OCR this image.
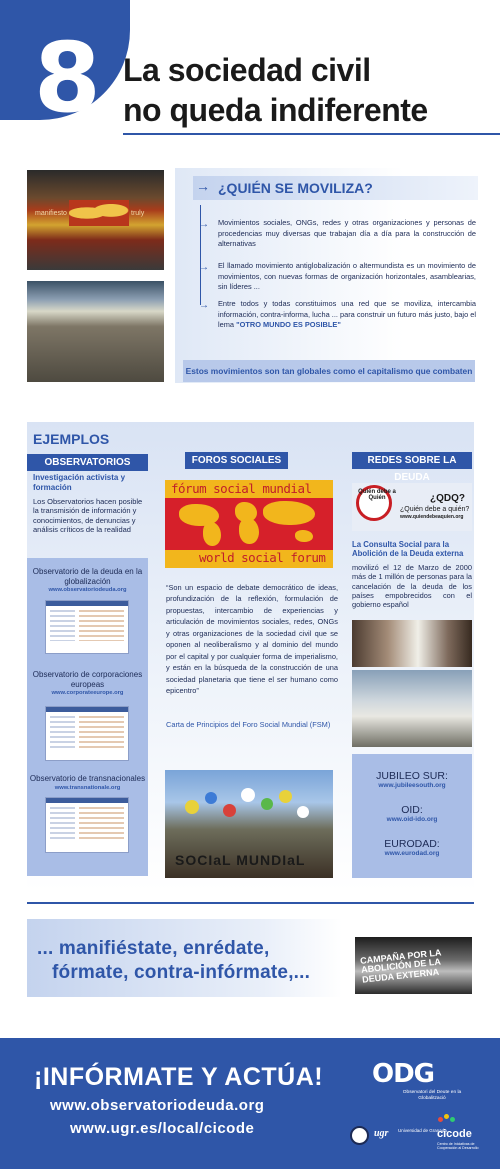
8 La sociedad civil
no queda indiferente
manifiesto	truly
→ ¿QUIÉN SE MOVILIZA?
→ Movimientos sociales, ONGs, redes y otras organizaciones y personas de procedencias muy diversas que trabajan día a día para la construcción de alternativas
→ El llamado movimiento antiglobalización o altermundista es un movimiento de movimientos, con nuevas formas de organización horizontales, asamblearias, sin líderes ...
→ Entre todos y todas constituimos una red que se moviliza, intercambia información, contra-informa, lucha ... para construir un futuro más justo, bajo el lema "OTRO MUNDO ES POSIBLE"
Estos movimientos son tan globales como el capitalismo que combaten
EJEMPLOS
OBSERVATORIOS	FOROS SOCIALES	REDES SOBRE LA DEUDA
Investigación activista y formación
Los Observatorios hacen posible la transmisión de información y conocimientos, de denuncias y análisis críticos de la realidad
Observatorio de la deuda en la globalización
www.observatoriodeuda.org
Observatorio de corporaciones europeas
www.corporateeurope.org
Observatorio de transnacionales
www.transnationale.org
fórum social mundial
world social forum
“Son un espacio de debate democrático de ideas, profundización de la reflexión, formulación de propuestas, intercambio de experiencias y articulación de movimientos sociales, redes, ONGs y otras organizaciones de la sociedad civil que se oponen al neoliberalismo y al dominio del mundo por el capital y por cualquier forma de imperialismo, y están en la búsqueda de la construcción de una sociedad planetaria que tiene el ser humano como epicentro”
Carta de Principios del Foro Social Mundial (FSM)
SOCIaL MUNDIaL
Quién debe a Quién	¿QDQ?
¿Quién debe a quién?
www.quiendebeaquien.org
La Consulta Social para la Abolición de la Deuda externa
movilizó el 12 de Marzo de 2000 más de 1 millón de personas para la cancelación de la deuda de los países empobrecidos con el gobierno español
JUBILEO SUR:
www.jubileesouth.org
OID:
www.oid-ido.org
EURODAD:
www.eurodad.org
... manifiéstate, enrédate,
fórmate, contra-infórmate,...
CAMPAÑA POR LA ABOLICIÓN DE LA DEUDA EXTERNA
¡INFÓRMATE Y ACTÚA!
www.observatoriodeuda.org
www.ugr.es/local/cicode
ODG
Observatori del Deute en la Globalització
ugr Universidad de Granada
cicode
Centro de Iniciativas de Cooperación al Desarrollo
